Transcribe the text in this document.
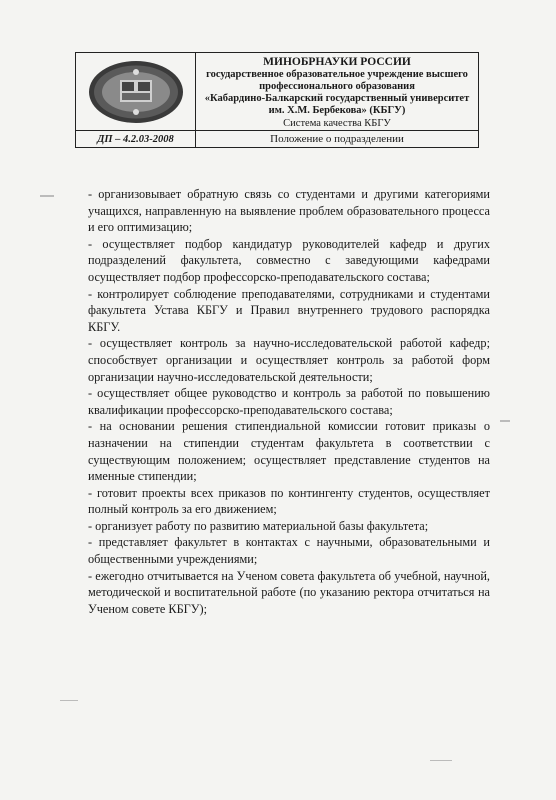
МИНОБРНАУКИ РОССИИ
государственное образовательное учреждение высшего
профессионального образования
«Кабардино-Балкарский государственный университет
им. Х.М. Бербекова» (КБГУ)
Система качества КБГУ
ДП – 4.2.03-2008	Положение о подразделении

- организовывает обратную связь со студентами и другими категориями учащихся, направленную на выявление проблем образовательного процесса и его оптимизацию;

- осуществляет подбор кандидатур руководителей кафедр и других подразделений факультета, совместно с заведующими кафедрами осуществляет подбор профессорско-преподавательского состава;

- контролирует соблюдение преподавателями, сотрудниками и студентами факультета Устава КБГУ и Правил внутреннего трудового распорядка КБГУ.

- осуществляет контроль за научно-исследовательской работой кафедр; способствует организации и осуществляет контроль за работой форм организации научно-исследовательской деятельности;

- осуществляет общее руководство и контроль за работой по повышению квалификации профессорско-преподавательского состава;

- на основании решения стипендиальной комиссии готовит приказы о назначении на стипендии студентам факультета в соответствии с существующим положением; осуществляет представление студентов на именные стипендии;

- готовит проекты всех приказов по контингенту студентов, осуществляет полный контроль за его движением;

- организует работу по развитию материальной базы факультета;

- представляет факультет в контактах с научными, образовательными и общественными учреждениями;

- ежегодно отчитывается на Ученом совета факультета об учебной, научной, методической и воспитательной работе (по указанию ректора отчитаться на Ученом совете КБГУ);
